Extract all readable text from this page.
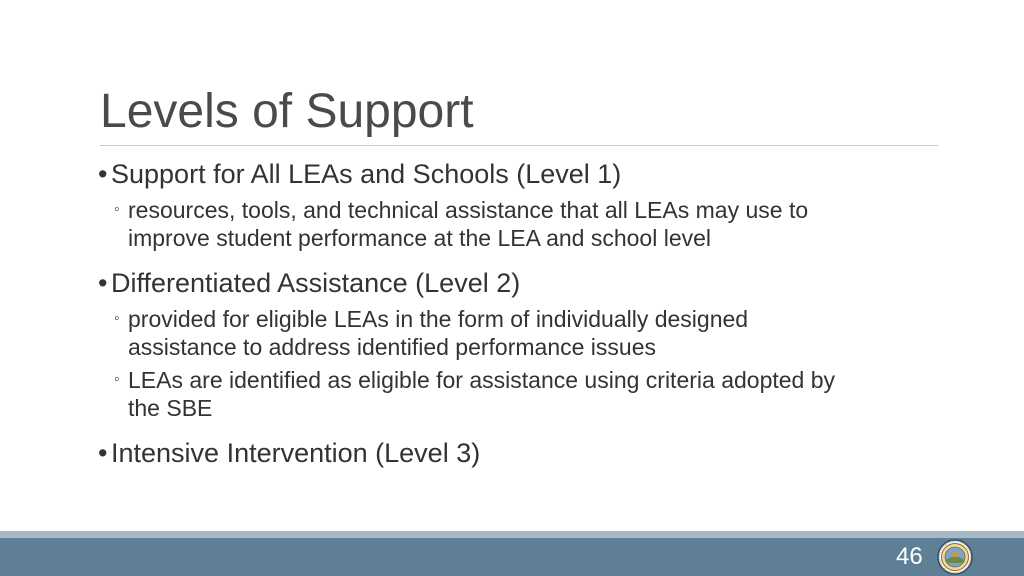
Levels of Support
• Support for All LEAs and Schools (Level 1)
◦ resources, tools, and technical assistance that all LEAs may use to
improve student performance at the LEA and school level
• Differentiated Assistance (Level 2)
◦ provided for eligible LEAs in the form of individually designed
assistance to address identified performance issues
◦ LEAs are identified as eligible for assistance using criteria adopted by
the SBE
• Intensive Intervention (Level 3)
46
